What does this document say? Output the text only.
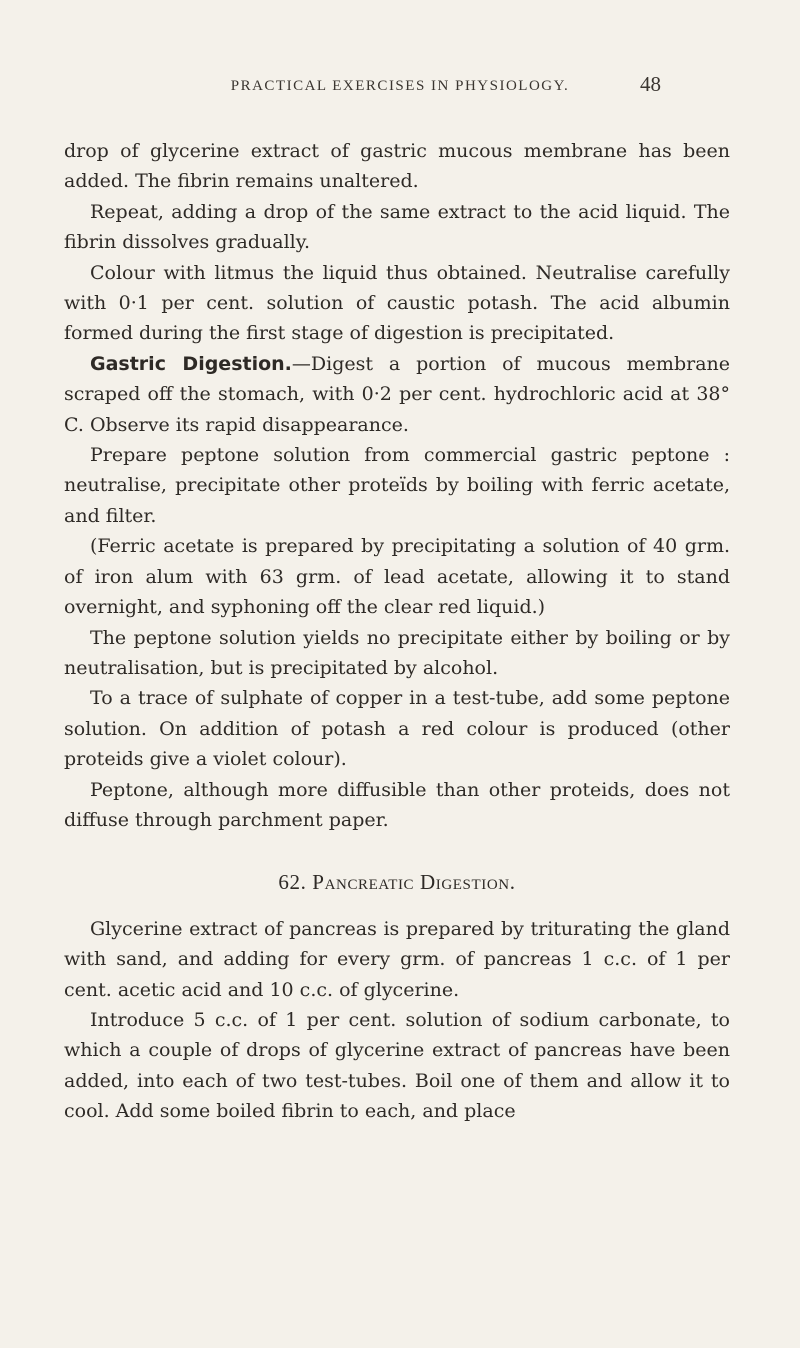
PRACTICAL EXERCISES IN PHYSIOLOGY.	48

drop of glycerine extract of gastric mucous membrane has been added. The fibrin remains unaltered.

Repeat, adding a drop of the same extract to the acid liquid. The fibrin dissolves gradually.

Colour with litmus the liquid thus obtained. Neutralise carefully with 0·1 per cent. solution of caustic potash. The acid albumin formed during the first stage of digestion is precipitated.

Gastric Digestion.—Digest a portion of mucous membrane scraped off the stomach, with 0·2 per cent. hydrochloric acid at 38° C. Observe its rapid disappearance.

Prepare peptone solution from commercial gastric peptone : neutralise, precipitate other proteïds by boiling with ferric acetate, and filter.

(Ferric acetate is prepared by precipitating a solution of 40 grm. of iron alum with 63 grm. of lead acetate, allowing it to stand overnight, and syphoning off the clear red liquid.)

The peptone solution yields no precipitate either by boiling or by neutralisation, but is precipitated by alcohol.

To a trace of sulphate of copper in a test-tube, add some peptone solution. On addition of potash a red colour is produced (other proteids give a violet colour).

Peptone, although more diffusible than other proteids, does not diffuse through parchment paper.

62. Pancreatic Digestion.

Glycerine extract of pancreas is prepared by triturating the gland with sand, and adding for every grm. of pancreas 1 c.c. of 1 per cent. acetic acid and 10 c.c. of glycerine.

Introduce 5 c.c. of 1 per cent. solution of sodium carbonate, to which a couple of drops of glycerine extract of pancreas have been added, into each of two test-tubes. Boil one of them and allow it to cool. Add some boiled fibrin to each, and place
